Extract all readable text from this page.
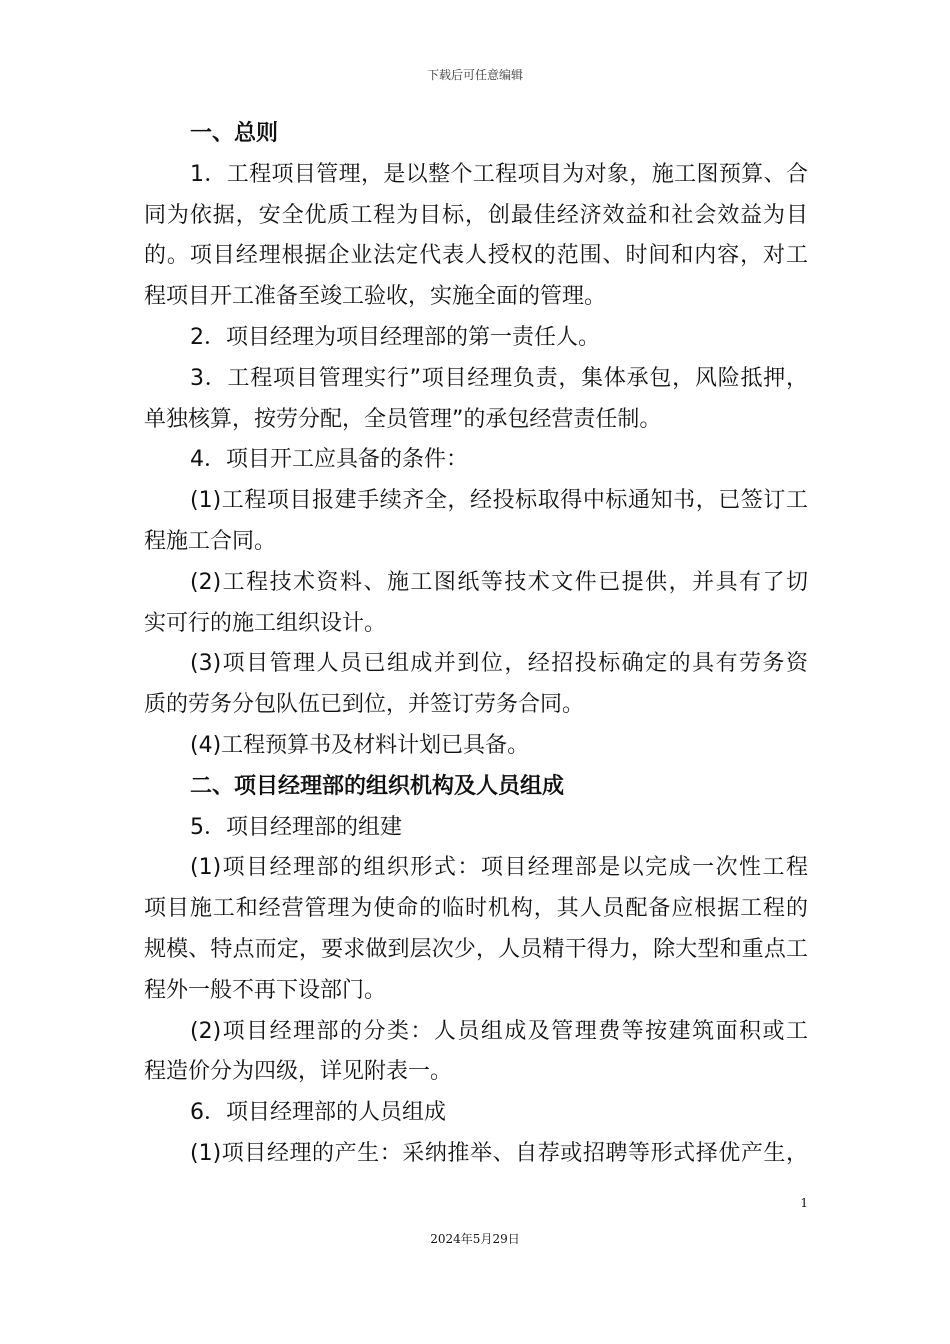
下载后可任意编辑
一、总则
1．工程项目管理，是以整个工程项目为对象，施工图预算、合
同为依据，安全优质工程为目标，创最佳经济效益和社会效益为目
的。项目经理根据企业法定代表人授权的范围、时间和内容，对工
程项目开工准备至竣工验收，实施全面的管理。
2．项目经理为项目经理部的第一责任人。
3．工程项目管理实行”项目经理负责，集体承包，风险抵押，
单独核算，按劳分配，全员管理”的承包经营责任制。
4．项目开工应具备的条件：
(1)工程项目报建手续齐全，经投标取得中标通知书，已签订工
程施工合同。
(2)工程技术资料、施工图纸等技术文件已提供，并具有了切
实可行的施工组织设计。
(3)项目管理人员已组成并到位，经招投标确定的具有劳务资
质的劳务分包队伍已到位，并签订劳务合同。
(4)工程预算书及材料计划已具备。
二、项目经理部的组织机构及人员组成
5．项目经理部的组建
(1)项目经理部的组织形式：项目经理部是以完成一次性工程
项目施工和经营管理为使命的临时机构，其人员配备应根据工程的
规模、特点而定，要求做到层次少，人员精干得力，除大型和重点工
程外一般不再下设部门。
(2)项目经理部的分类：人员组成及管理费等按建筑面积或工
程造价分为四级，详见附表一。
6．项目经理部的人员组成
(1)项目经理的产生：采纳推举、自荐或招聘等形式择优产生，
1
2024年5月29日
